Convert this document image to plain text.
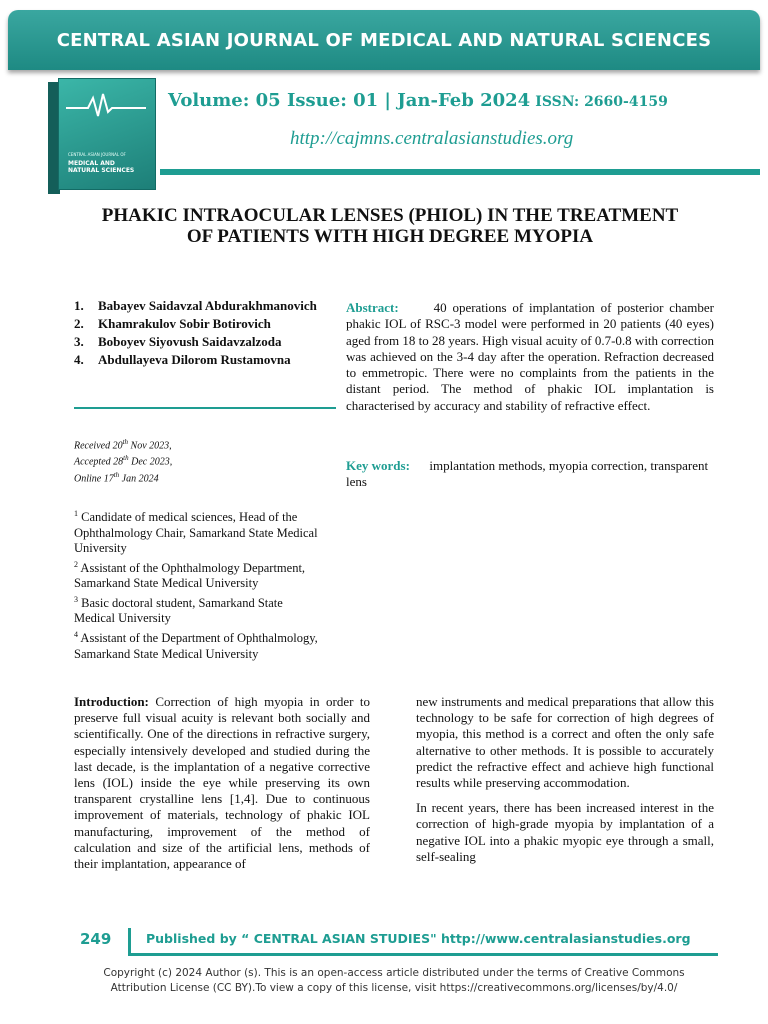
CENTRAL ASIAN JOURNAL OF MEDICAL AND NATURAL SCIENCES
CENTRAL ASIAN JOURNAL OF
MEDICAL AND NATURAL SCIENCES
Volume: 05 Issue: 01 | Jan-Feb 2024 ISSN: 2660-4159
http://cajmns.centralasianstudies.org
PHAKIC INTRAOCULAR LENSES (PHIOL) IN THE TREATMENT OF PATIENTS WITH HIGH DEGREE MYOPIA
1.	Babayev Saidavzal Abdurakhmanovich
2.	Khamrakulov Sobir Botirovich
3.	Boboyev Siyovush Saidavzalzoda
4.	Abdullayeva Dilorom Rustamovna
Received 20th Nov 2023,
Accepted 28th Dec 2023,
Online 17th Jan 2024

$^1$ Candidate of medical sciences, Head of the Ophthalmology Chair, Samarkand State Medical University

$^2$ Assistant of the Ophthalmology Department, Samarkand State Medical University

$^3$ Basic doctoral student, Samarkand State Medical University

$^4$ Assistant of the Department of Ophthalmology, Samarkand State Medical University

Abstract:	40 operations of implantation of posterior chamber phakic IOL of RSC-3 model were performed in 20 patients (40 eyes) aged from 18 to 28 years. High visual acuity of 0.7-0.8 with correction was achieved on the 3-4 day after the operation. Refraction decreased to emmetropic. There were no complaints from the patients in the distant period. The method of phakic IOL implantation is characterised by accuracy and stability of refractive effect.
Key words: implantation methods, myopia correction, transparent lens
Introduction: Correction of high myopia in order to preserve full visual acuity is relevant both socially and scientifically. One of the directions in refractive surgery, especially intensively developed and studied during the last decade, is the implantation of a negative corrective lens (IOL) inside the eye while preserving its own transparent crystalline lens [1,4]. Due to continuous improvement of materials, technology of phakic IOL manufacturing, improvement of the method of calculation and size of the artificial lens, methods of their implantation, appearance of

new instruments and medical preparations that allow this technology to be safe for correction of high degrees of myopia, this method is a correct and often the only safe alternative to other methods. It is possible to accurately predict the refractive effect and achieve high functional results while preserving accommodation.

In recent years, there has been increased interest in the correction of high-grade myopia by implantation of a negative IOL into a phakic myopic eye through a small, self-sealing

249	Published by “ CENTRAL ASIAN STUDIES" http://www.centralasianstudies.org
Copyright (c) 2024 Author (s). This is an open-access article distributed under the terms of Creative Commons
Attribution License (CC BY).To view a copy of this license, visit https://creativecommons.org/licenses/by/4.0/
